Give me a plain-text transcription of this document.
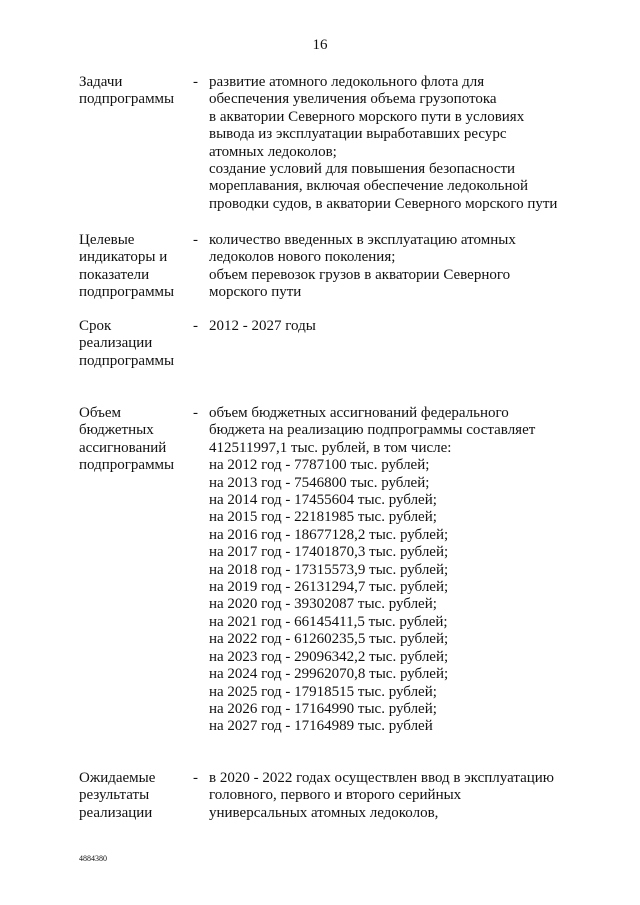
16
Задачи
подпрограммы
- развитие атомного ледокольного флота для
обеспечения увеличения объема грузопотока
в акватории Северного морского пути в условиях
вывода из эксплуатации выработавших ресурс
атомных ледоколов;
создание условий для повышения безопасности
мореплавания, включая обеспечение ледокольной
проводки судов, в акватории Северного морского пути
Целевые
индикаторы и
показатели
подпрограммы
- количество введенных в эксплуатацию атомных
ледоколов нового поколения;
объем перевозок грузов в акватории Северного
морского пути
Срок
реализации
подпрограммы
- 2012 - 2027 годы
Объем
бюджетных
ассигнований
подпрограммы
- объем бюджетных ассигнований федерального
бюджета на реализацию подпрограммы составляет
412511997,1 тыс. рублей, в том числе:
на 2012 год - 7787100 тыс. рублей;
на 2013 год - 7546800 тыс. рублей;
на 2014 год - 17455604 тыс. рублей;
на 2015 год - 22181985 тыс. рублей;
на 2016 год - 18677128,2 тыс. рублей;
на 2017 год - 17401870,3 тыс. рублей;
на 2018 год - 17315573,9 тыс. рублей;
на 2019 год - 26131294,7 тыс. рублей;
на 2020 год - 39302087 тыс. рублей;
на 2021 год - 66145411,5 тыс. рублей;
на 2022 год - 61260235,5 тыс. рублей;
на 2023 год - 29096342,2 тыс. рублей;
на 2024 год - 29962070,8 тыс. рублей;
на 2025 год - 17918515 тыс. рублей;
на 2026 год - 17164990 тыс. рублей;
на 2027 год - 17164989 тыс. рублей
Ожидаемые
результаты
реализации
- в 2020 - 2022 годах осуществлен ввод в эксплуатацию
головного, первого и второго серийных
универсальных атомных ледоколов,
4884380
